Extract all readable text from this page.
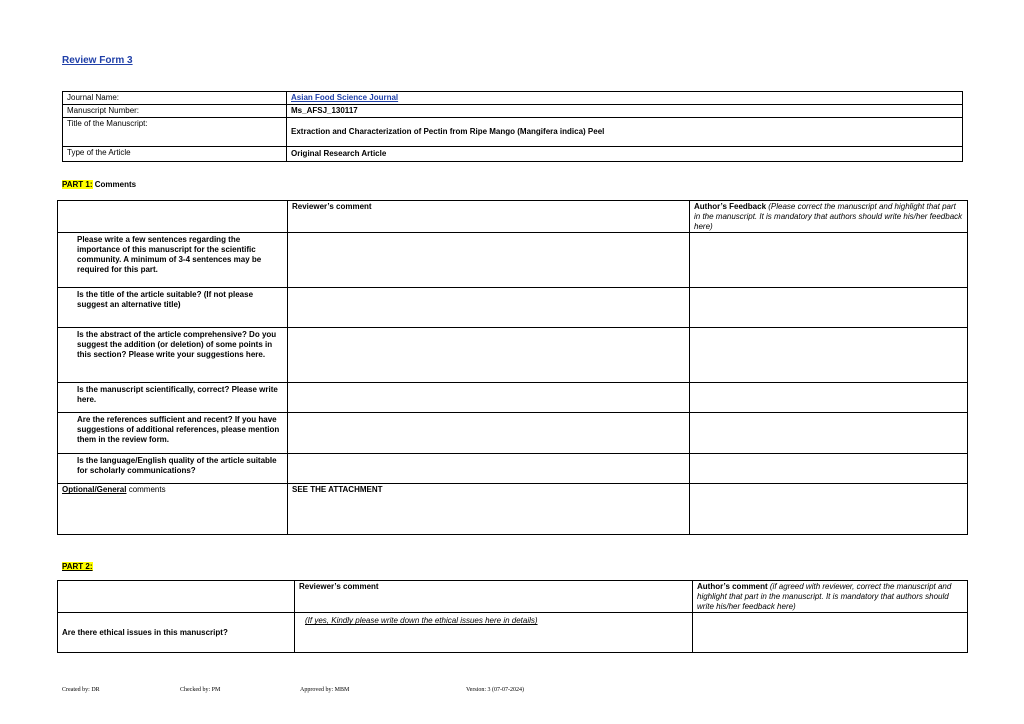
Review Form 3
Journal Name:	Asian Food Science Journal
Manuscript Number:	Ms_AFSJ_130117
Title of the Manuscript:	Extraction and Characterization of Pectin from Ripe Mango (Mangifera indica) Peel
Type of the Article	Original Research Article
PART 1: Comments
	Reviewer’s comment	Author’s Feedback (Please correct the manuscript and highlight that part in the manuscript. It is mandatory that authors should write his/her feedback here)
Please write a few sentences regarding the importance of this manuscript for the scientific community. A minimum of 3-4 sentences may be required for this part.		
Is the title of the article suitable? (If not please suggest an alternative title)		
Is the abstract of the article comprehensive? Do you suggest the addition (or deletion) of some points in this section? Please write your suggestions here.		
Is the manuscript scientifically, correct? Please write here.		
Are the references sufficient and recent? If you have suggestions of additional references, please mention them in the review form.		
Is the language/English quality of the article suitable for scholarly communications?		
Optional/General comments	SEE THE ATTACHMENT	
PART 2:
	Reviewer’s comment	Author’s comment (if agreed with reviewer, correct the manuscript and highlight that part in the manuscript. It is mandatory that authors should write his/her feedback here)
Are there ethical issues in this manuscript?	(If yes, Kindly please write down the ethical issues here in details)	
Created by: DR	Checked by: PM	Approved by: MBM	Version: 3 (07-07-2024)
